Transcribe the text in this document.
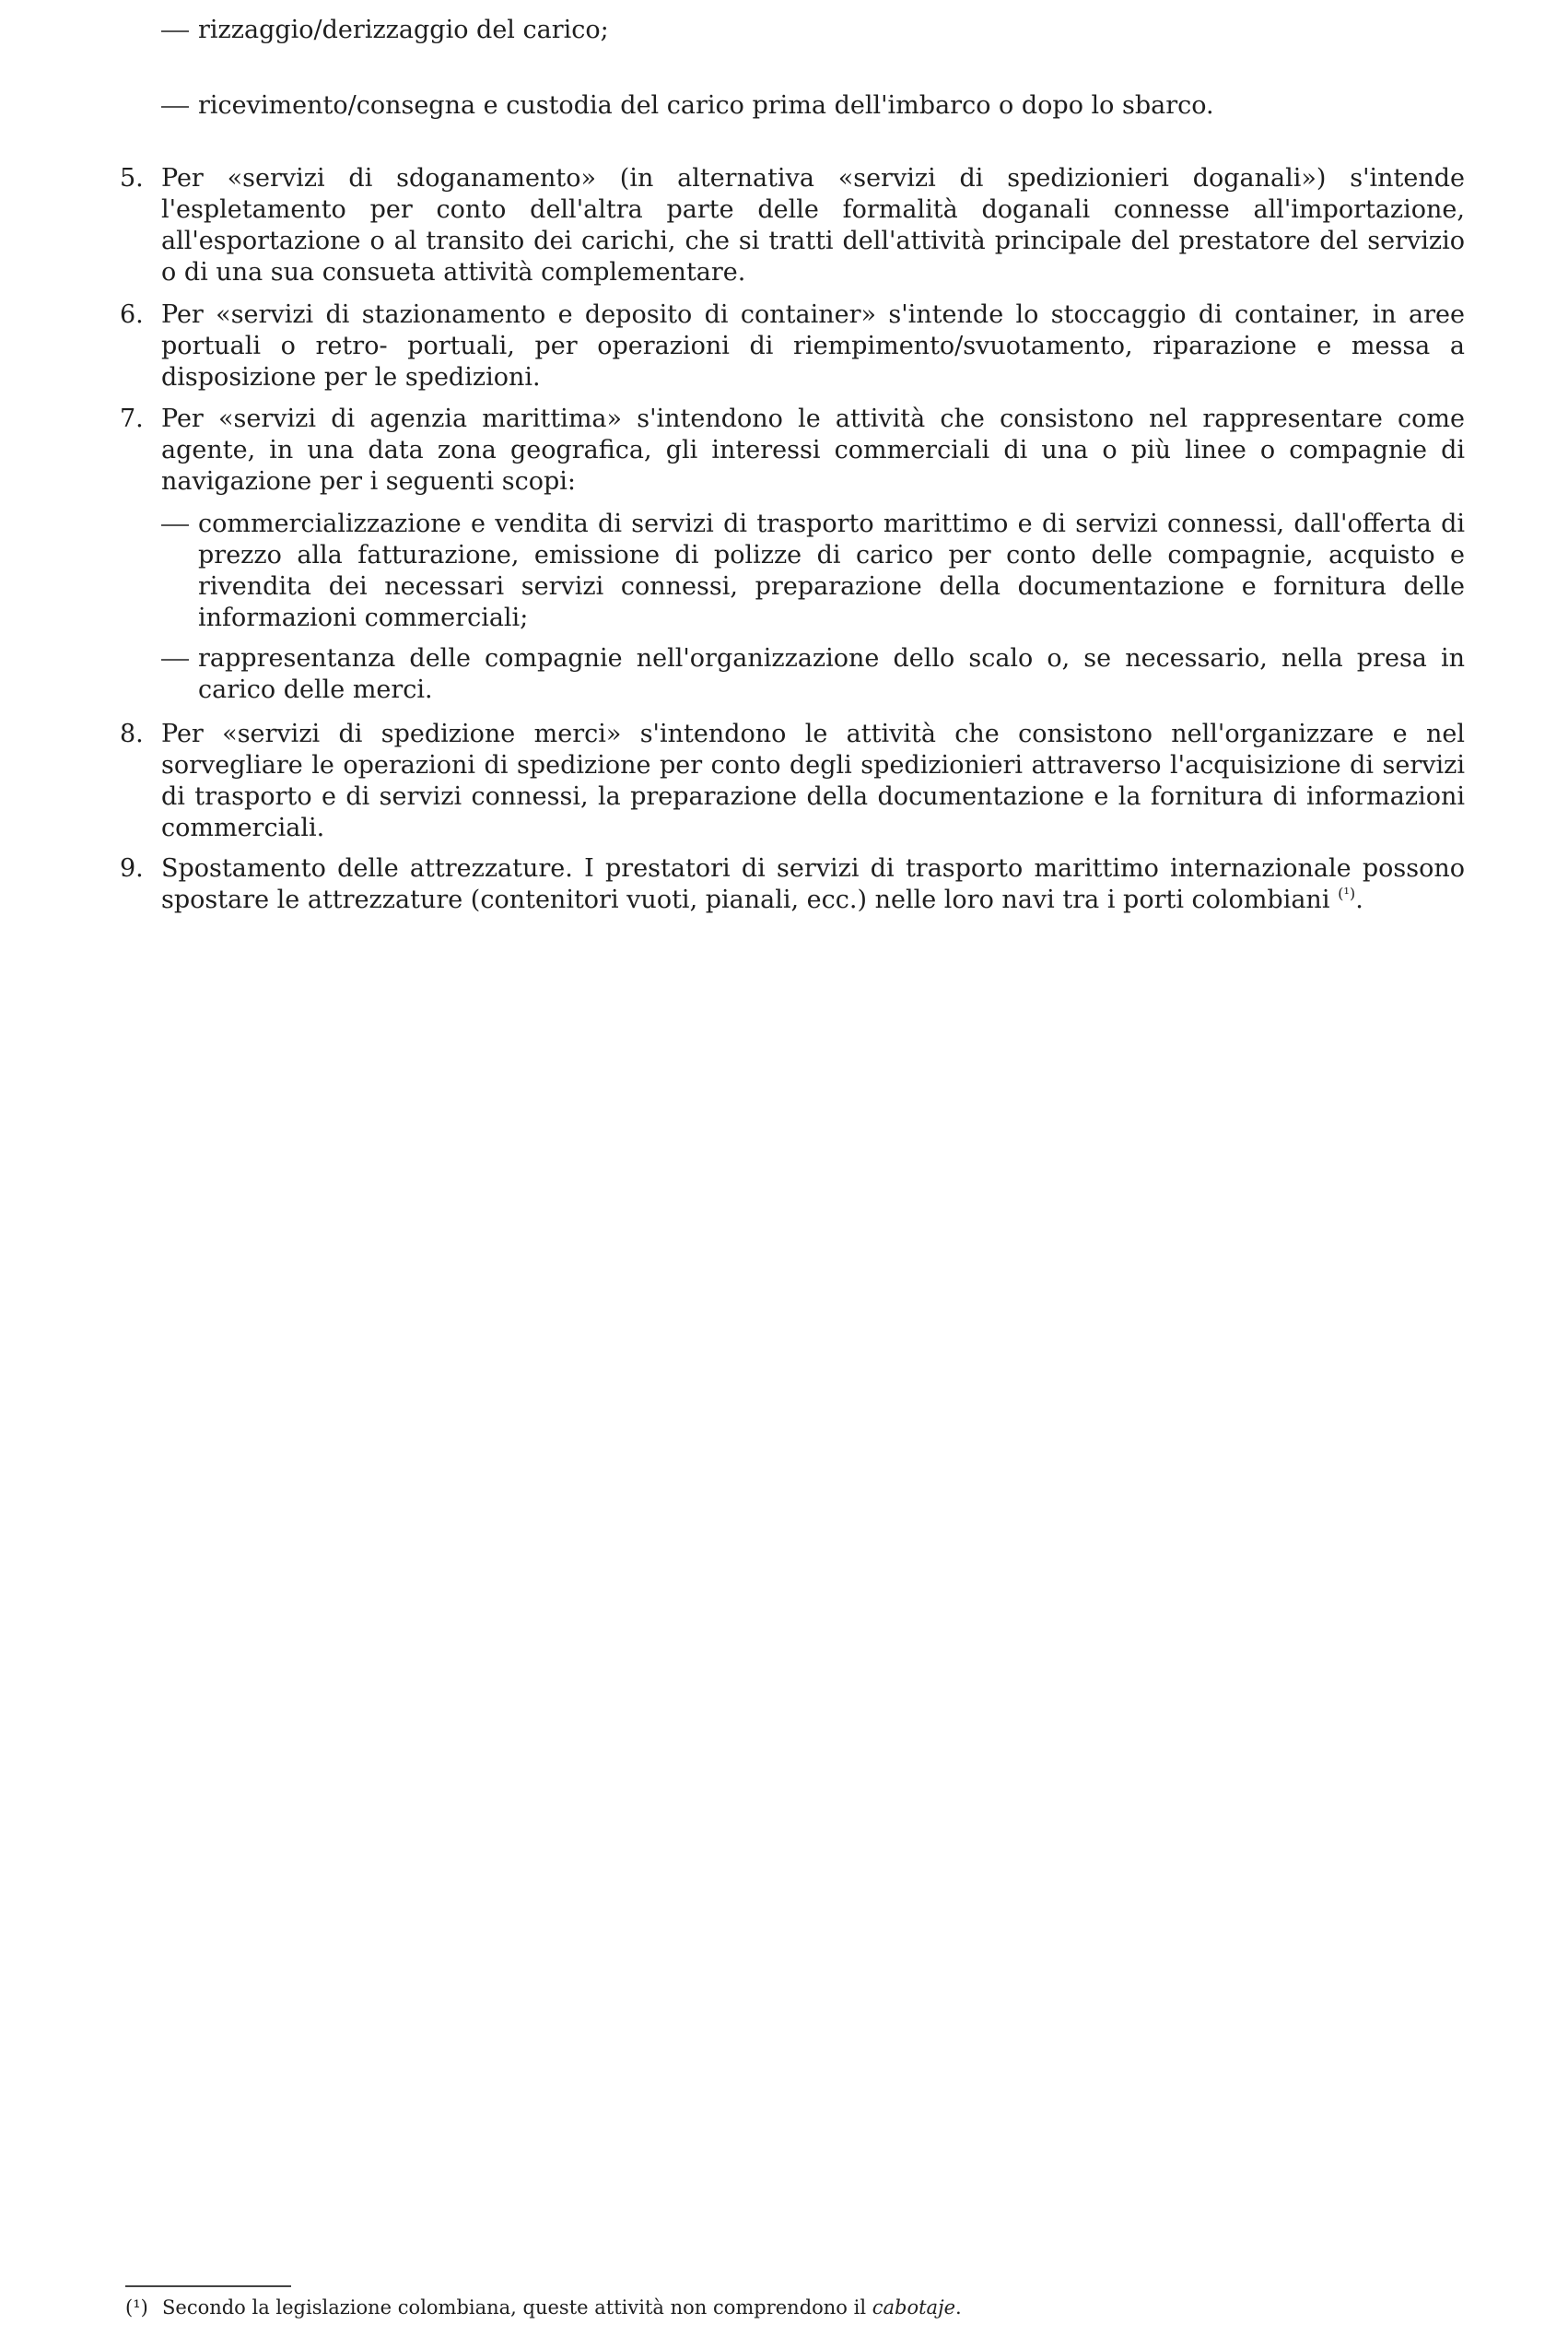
rizzaggio/derizzaggio del carico;
ricevimento/consegna e custodia del carico prima dell'imbarco o dopo lo sbarco.
5. Per «servizi di sdoganamento» (in alternativa «servizi di spedizionieri doganali») s'intende l'espletamento per conto dell'altra parte delle formalità doganali connesse all'importazione, all'esportazione o al transito dei carichi, che si tratti dell'attività principale del prestatore del servizio o di una sua consueta attività complementare.
6. Per «servizi di stazionamento e deposito di container» s'intende lo stoccaggio di container, in aree portuali o retro- portuali, per operazioni di riempimento/svuotamento, riparazione e messa a disposizione per le spedizioni.
7. Per «servizi di agenzia marittima» s'intendono le attività che consistono nel rappresentare come agente, in una data zona geografica, gli interessi commerciali di una o più linee o compagnie di navigazione per i seguenti scopi:
commercializzazione e vendita di servizi di trasporto marittimo e di servizi connessi, dall'offerta di prezzo alla fatturazione, emissione di polizze di carico per conto delle compagnie, acquisto e rivendita dei necessari servizi connessi, preparazione della documentazione e fornitura delle informazioni commerciali;
rappresentanza delle compagnie nell'organizzazione dello scalo o, se necessario, nella presa in carico delle merci.
8. Per «servizi di spedizione merci» s'intendono le attività che consistono nell'organizzare e nel sorvegliare le operazioni di spedizione per conto degli spedizionieri attraverso l'acquisizione di servizi di trasporto e di servizi connessi, la preparazione della documentazione e la fornitura di informazioni commerciali.
9. Spostamento delle attrezzature. I prestatori di servizi di trasporto marittimo internazionale possono spostare le attrezzature (contenitori vuoti, pianali, ecc.) nelle loro navi tra i porti colombiani $^{(^1)}$.
(¹) Secondo la legislazione colombiana, queste attività non comprendono il cabotaje.
